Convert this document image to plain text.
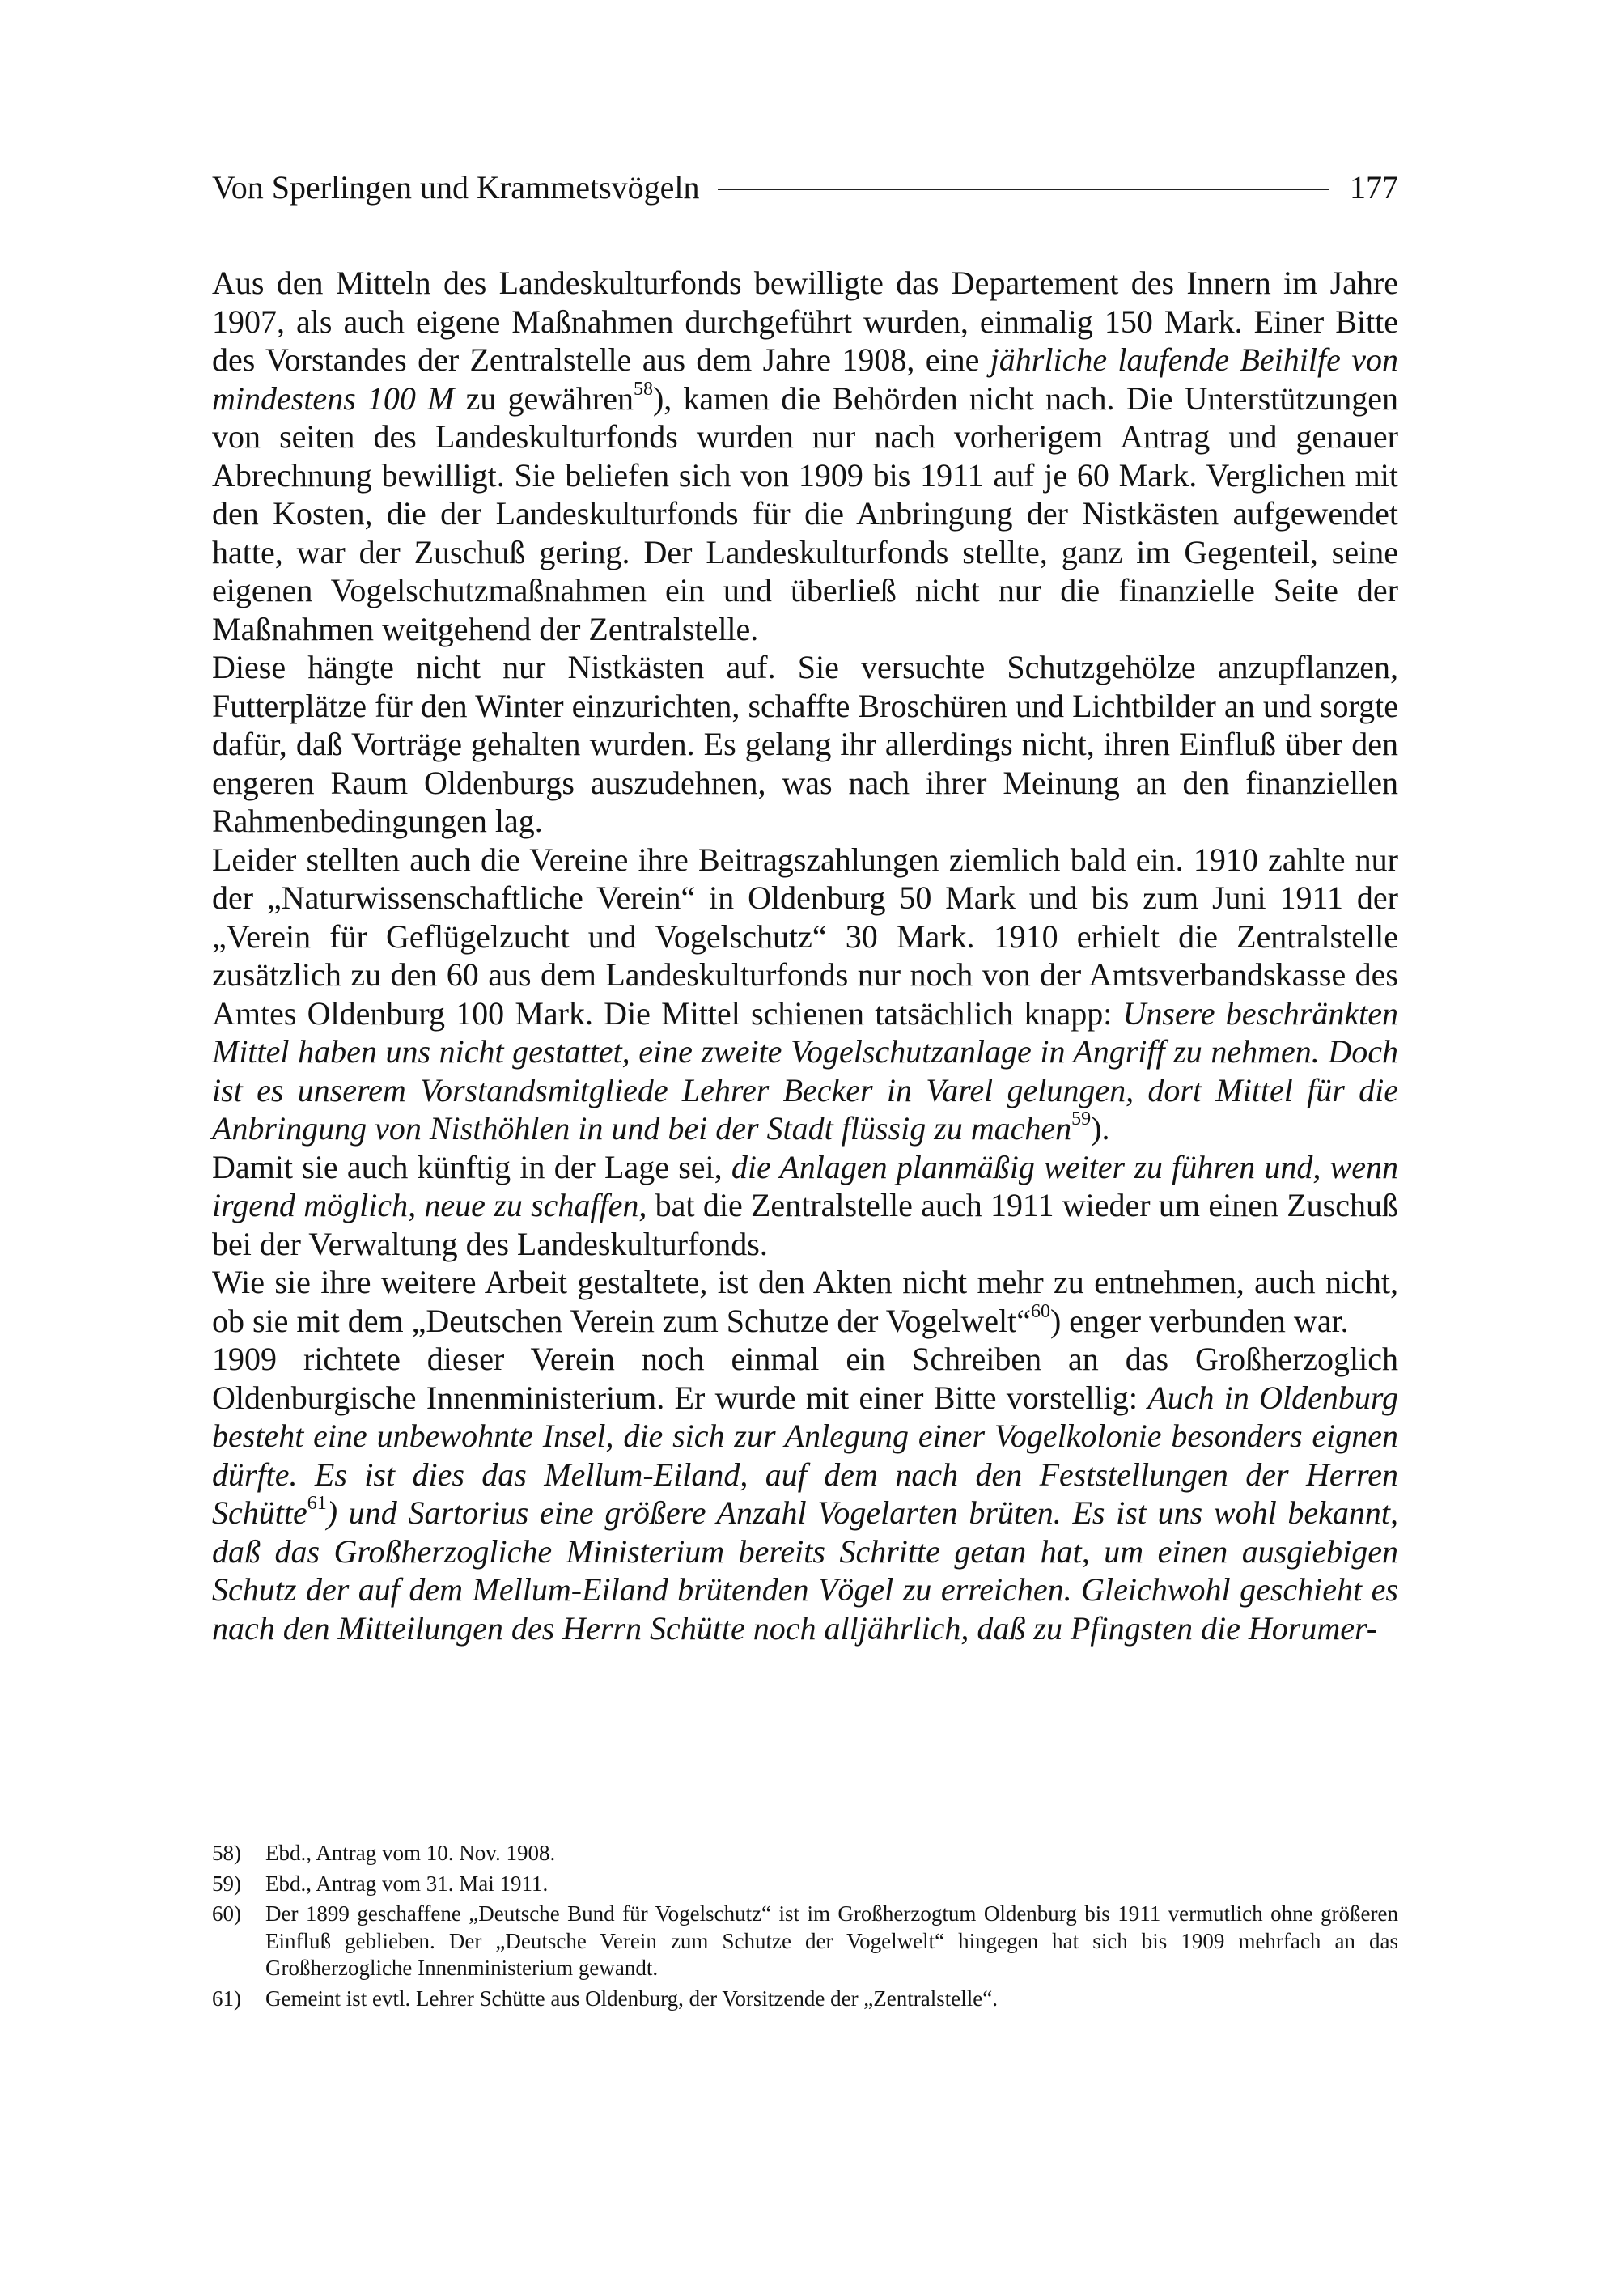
Von Sperlingen und Krammetsvögeln	177

Aus den Mitteln des Landeskulturfonds bewilligte das Departement des Innern im Jahre 1907, als auch eigene Maßnahmen durchgeführt wurden, einmalig 150 Mark. Einer Bitte des Vorstandes der Zentralstelle aus dem Jahre 1908, eine jährliche laufende Beihilfe von mindestens 100 M zu gewähren$^{58}$), kamen die Behörden nicht nach. Die Unterstützungen von seiten des Landeskulturfonds wurden nur nach vorherigem Antrag und genauer Abrechnung bewilligt. Sie beliefen sich von 1909 bis 1911 auf je 60 Mark. Verglichen mit den Kosten, die der Landeskulturfonds für die Anbringung der Nistkästen aufgewendet hatte, war der Zuschuß gering. Der Landeskulturfonds stellte, ganz im Gegenteil, seine eigenen Vogelschutzmaßnahmen ein und überließ nicht nur die finanzielle Seite der Maßnahmen weitgehend der Zentralstelle.

Diese hängte nicht nur Nistkästen auf. Sie versuchte Schutzgehölze anzupflanzen, Futterplätze für den Winter einzurichten, schaffte Broschüren und Lichtbilder an und sorgte dafür, daß Vorträge gehalten wurden. Es gelang ihr allerdings nicht, ihren Einfluß über den engeren Raum Oldenburgs auszudehnen, was nach ihrer Meinung an den finanziellen Rahmenbedingungen lag.

Leider stellten auch die Vereine ihre Beitragszahlungen ziemlich bald ein. 1910 zahlte nur der „Naturwissenschaftliche Verein“ in Oldenburg 50 Mark und bis zum Juni 1911 der „Verein für Geflügelzucht und Vogelschutz“ 30 Mark. 1910 erhielt die Zentralstelle zusätzlich zu den 60 aus dem Landeskulturfonds nur noch von der Amtsverbandskasse des Amtes Oldenburg 100 Mark. Die Mittel schienen tatsächlich knapp: Unsere beschränkten Mittel haben uns nicht gestattet, eine zweite Vogelschutzanlage in Angriff zu nehmen. Doch ist es unserem Vorstandsmitgliede Lehrer Becker in Varel gelungen, dort Mittel für die Anbringung von Nisthöhlen in und bei der Stadt flüssig zu machen$^{59}$).

Damit sie auch künftig in der Lage sei, die Anlagen planmäßig weiter zu führen und, wenn irgend möglich, neue zu schaffen, bat die Zentralstelle auch 1911 wieder um einen Zuschuß bei der Verwaltung des Landeskulturfonds.

Wie sie ihre weitere Arbeit gestaltete, ist den Akten nicht mehr zu entnehmen, auch nicht, ob sie mit dem „Deutschen Verein zum Schutze der Vogelwelt“$^{60}$) enger verbunden war.

1909 richtete dieser Verein noch einmal ein Schreiben an das Großherzoglich Oldenburgische Innenministerium. Er wurde mit einer Bitte vorstellig: Auch in Oldenburg besteht eine unbewohnte Insel, die sich zur Anlegung einer Vogelkolonie besonders eignen dürfte. Es ist dies das Mellum-Eiland, auf dem nach den Feststellungen der Herren Schütte$^{61}$) und Sartorius eine größere Anzahl Vogelarten brüten. Es ist uns wohl bekannt, daß das Großherzogliche Ministerium bereits Schritte getan hat, um einen ausgiebigen Schutz der auf dem Mellum-Eiland brütenden Vögel zu erreichen. Gleichwohl geschieht es nach den Mitteilungen des Herrn Schütte noch alljährlich, daß zu Pfingsten die Horumer-

58)	Ebd., Antrag vom 10. Nov. 1908.
59)	Ebd., Antrag vom 31. Mai 1911.
60)	Der 1899 geschaffene „Deutsche Bund für Vogelschutz“ ist im Großherzogtum Oldenburg bis 1911 vermutlich ohne größeren Einfluß geblieben. Der „Deutsche Verein zum Schutze der Vogelwelt“ hingegen hat sich bis 1909 mehrfach an das Großherzogliche Innenministerium gewandt.
61)	Gemeint ist evtl. Lehrer Schütte aus Oldenburg, der Vorsitzende der „Zentralstelle“.
